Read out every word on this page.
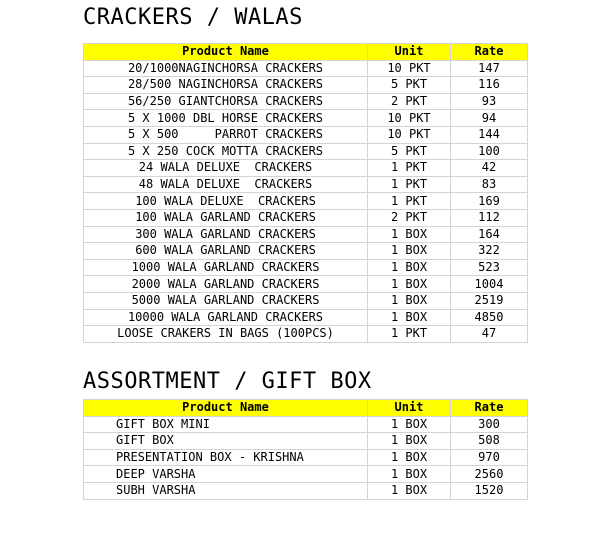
CRACKERS / WALAS
Product Name	Unit	Rate
20/1000NAGINCHORSA CRACKERS	10 PKT	147
28/500 NAGINCHORSA CRACKERS	5 PKT	116
56/250 GIANTCHORSA CRACKERS	2 PKT	93
5 X 1000 DBL HORSE CRACKERS	10 PKT	94
5 X 500     PARROT CRACKERS	10 PKT	144
5 X 250 COCK MOTTA CRACKERS	5 PKT	100
24 WALA DELUXE  CRACKERS	1 PKT	42
48 WALA DELUXE  CRACKERS	1 PKT	83
100 WALA DELUXE  CRACKERS	1 PKT	169
100 WALA GARLAND CRACKERS	2 PKT	112
300 WALA GARLAND CRACKERS	1 BOX	164
600 WALA GARLAND CRACKERS	1 BOX	322
1000 WALA GARLAND CRACKERS	1 BOX	523
2000 WALA GARLAND CRACKERS	1 BOX	1004
5000 WALA GARLAND CRACKERS	1 BOX	2519
10000 WALA GARLAND CRACKERS	1 BOX	4850
LOOSE CRAKERS IN BAGS (100PCS)	1 PKT	47
ASSORTMENT / GIFT BOX
Product Name	Unit	Rate
GIFT BOX MINI	1 BOX	300
GIFT BOX	1 BOX	508
PRESENTATION BOX - KRISHNA	1 BOX	970
DEEP VARSHA	1 BOX	2560
SUBH VARSHA	1 BOX	1520
